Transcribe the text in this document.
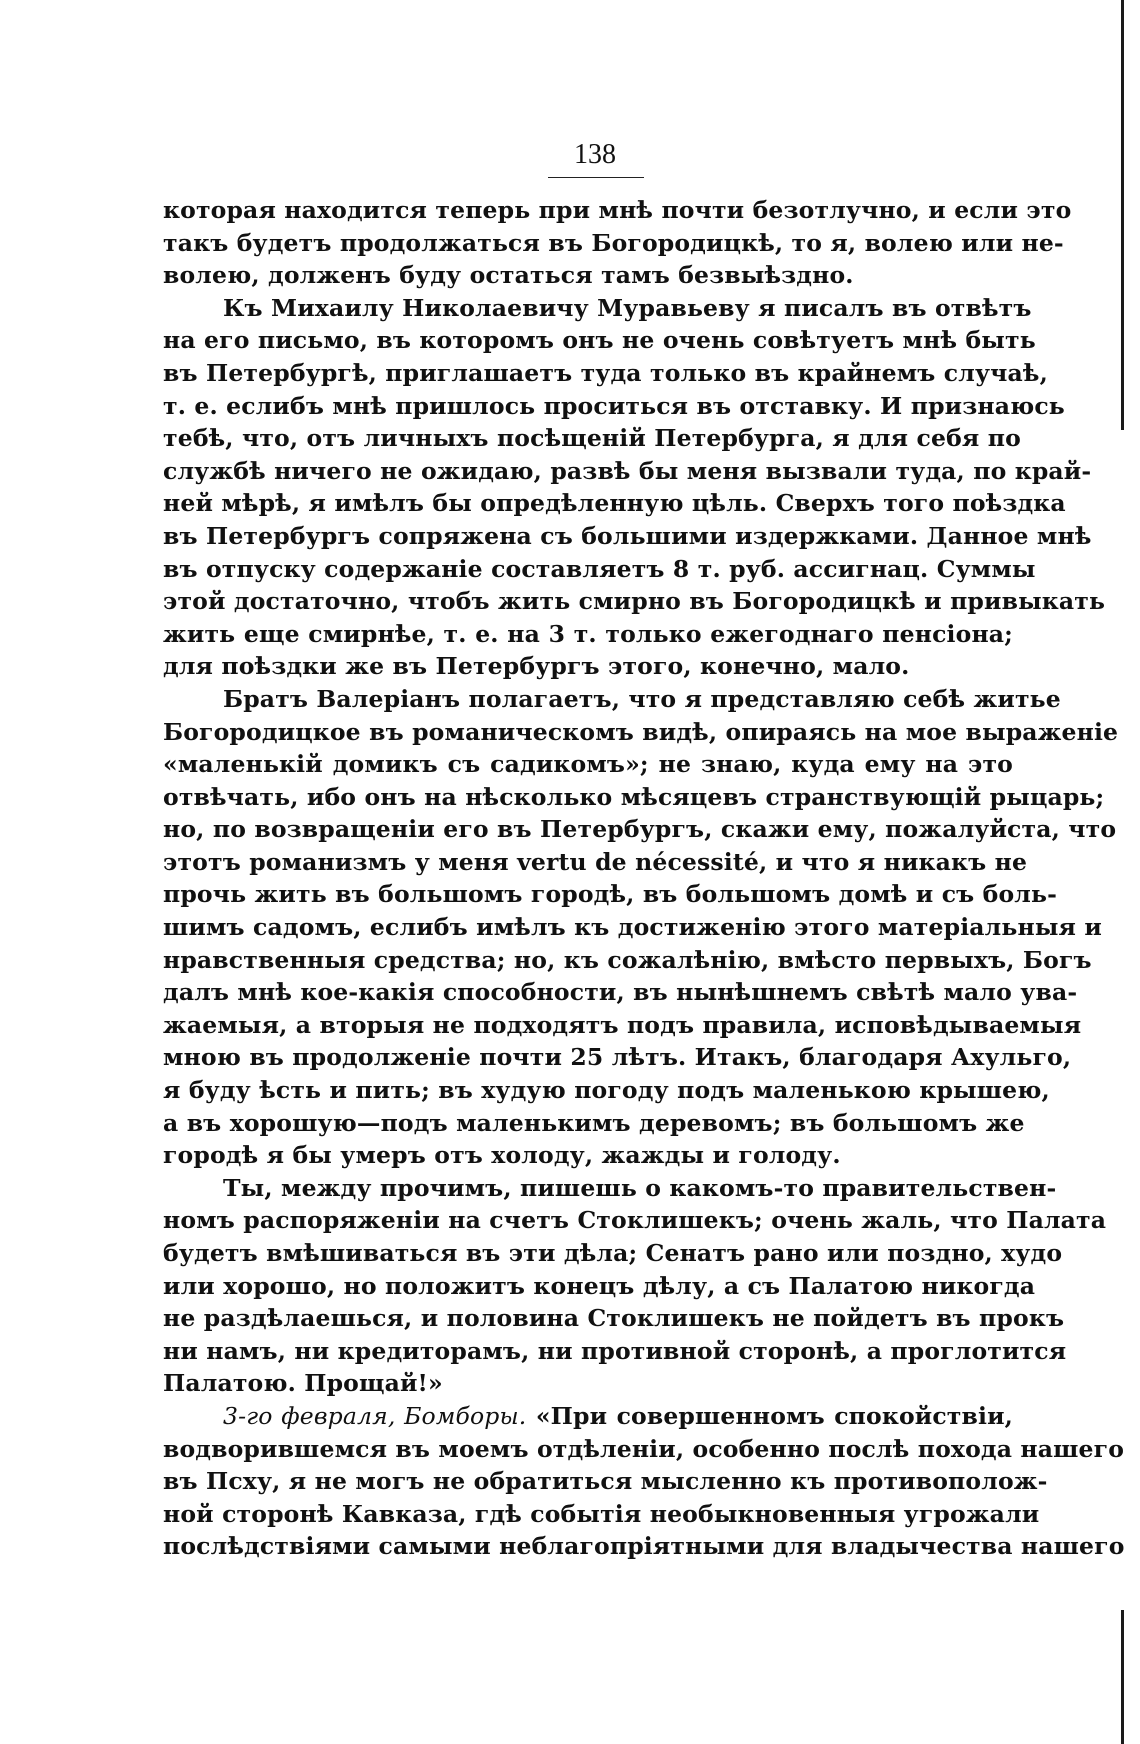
138
которая находится теперь при мнѣ почти безотлучно, и если это
такъ будетъ продолжаться въ Богородицкѣ, то я, волею или не-
волею, долженъ буду остаться тамъ безвыѣздно.
Къ Михаилу Николаевичу Муравьеву я писалъ въ отвѣтъ
на его письмо, въ которомъ онъ не очень совѣтуетъ мнѣ быть
въ Петербургѣ, приглашаетъ туда только въ крайнемъ случаѣ,
т. е. еслибъ мнѣ пришлось проситься въ отставку. И признаюсь
тебѣ, что, отъ личныхъ посѣщеній Петербурга, я для себя по
службѣ ничего не ожидаю, развѣ бы меня вызвали туда, по край-
ней мѣрѣ, я имѣлъ бы опредѣленную цѣль. Сверхъ того поѣздка
въ Петербургъ сопряжена съ большими издержками. Данное мнѣ
въ отпуску содержаніе составляетъ 8 т. руб. ассигнац. Суммы
этой достаточно, чтобъ жить смирно въ Богородицкѣ и привыкать
жить еще смирнѣе, т. е. на 3 т. только ежегоднаго пенсіона;
для поѣздки же въ Петербургъ этого, конечно, мало.
Братъ Валеріанъ полагаетъ, что я представляю себѣ житье
Богородицкое въ романическомъ видѣ, опираясь на мое выраженіе
«маленькій домикъ съ садикомъ»; не знаю, куда ему на это
отвѣчать, ибо онъ на нѣсколько мѣсяцевъ странствующій рыцарь;
но, по возвращеніи его въ Петербургъ, скажи ему, пожалуйста, что
этотъ романизмъ у меня vertu de nécessité, и что я никакъ не
прочь жить въ большомъ городѣ, въ большомъ домѣ и съ боль-
шимъ садомъ, еслибъ имѣлъ къ достиженію этого матеріальныя и
нравственныя средства; но, къ сожалѣнію, вмѣсто первыхъ, Богъ
далъ мнѣ кое-какія способности, въ нынѣшнемъ свѣтѣ мало ува-
жаемыя, а вторыя не подходятъ подъ правила, исповѣдываемыя
мною въ продолженіе почти 25 лѣтъ. Итакъ, благодаря Ахульго,
я буду ѣсть и пить; въ худую погоду подъ маленькою крышею,
а въ хорошую—подъ маленькимъ деревомъ; въ большомъ же
городѣ я бы умеръ отъ холоду, жажды и голоду.
Ты, между прочимъ, пишешь о какомъ-то правительствен-
номъ распоряженіи на счетъ Стоклишекъ; очень жаль, что Палата
будетъ вмѣшиваться въ эти дѣла; Сенатъ рано или поздно, худо
или хорошо, но положитъ конецъ дѣлу, а съ Палатою никогда
не раздѣлаешься, и половина Стоклишекъ не пойдетъ въ прокъ
ни намъ, ни кредиторамъ, ни противной сторонѣ, а проглотится
Палатою. Прощай!»
3-го февраля, Бомборы. «При совершенномъ спокойствіи,
водворившемся въ моемъ отдѣленіи, особенно послѣ похода нашего
въ Псху, я не могъ не обратиться мысленно къ противополож-
ной сторонѣ Кавказа, гдѣ событія необыкновенныя угрожали
послѣдствіями самыми неблагопріятными для владычества нашего
